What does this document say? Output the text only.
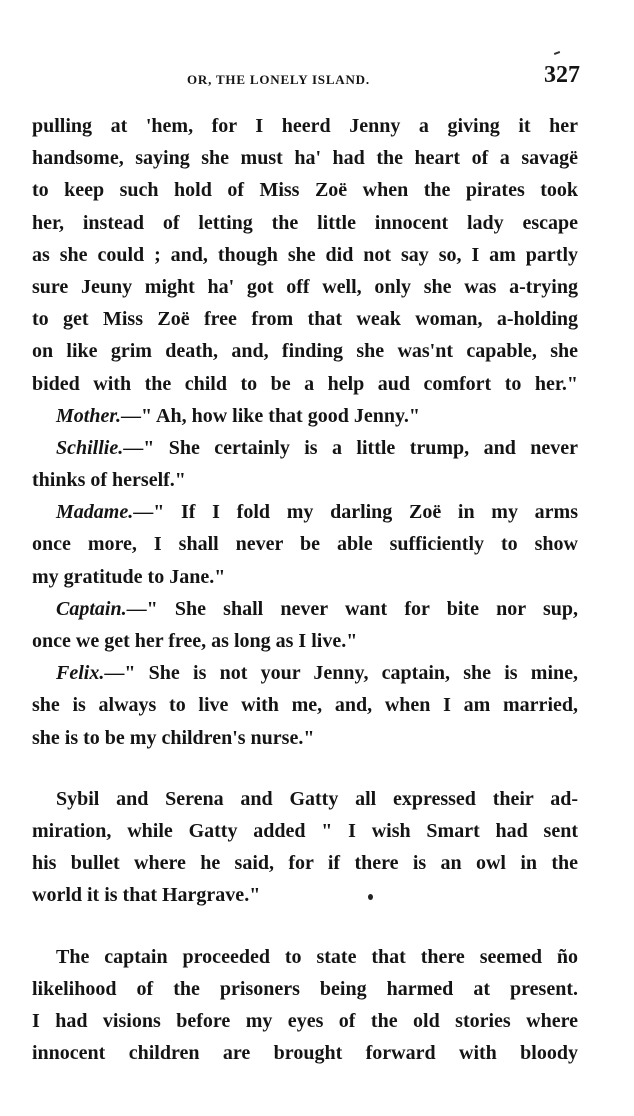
OR, THE LONELY ISLAND.	327
pulling at 'hem, for I heerd Jenny a giving it her
handsome, saying she must ha' had the heart of a savagë
to keep such hold of Miss Zoë when the pirates took
her, instead of letting the little innocent lady escape
as she could ; and, though she did not say so, I am partly
sure Jeuny might ha' got off well, only she was a-trying
to get Miss Zoë free from that weak woman, a-holding
on like grim death, and, finding she was'nt capable, she
bided with the child to be a help aud comfort to her."
Mother.—" Ah, how like that good Jenny."
Schillie.—" She certainly is a little trump, and never
thinks of herself."
Madame.—" If I fold my darling Zoë in my arms
once more, I shall never be able sufficiently to show
my gratitude to Jane."
Captain.—" She shall never want for bite nor sup,
once we get her free, as long as I live."
Felix.—" She is not your Jenny, captain, she is mine,
she is always to live with me, and, when I am married,
she is to be my children's nurse."
Sybil and Serena and Gatty all expressed their ad-
miration, while Gatty added " I wish Smart had sent
his bullet where he said, for if there is an owl in the
world it is that Hargrave."
The captain proceeded to state that there seemed ño
likelihood of the prisoners being harmed at present.
I had visions before my eyes of the old stories where
innocent children are brought forward with bloody
